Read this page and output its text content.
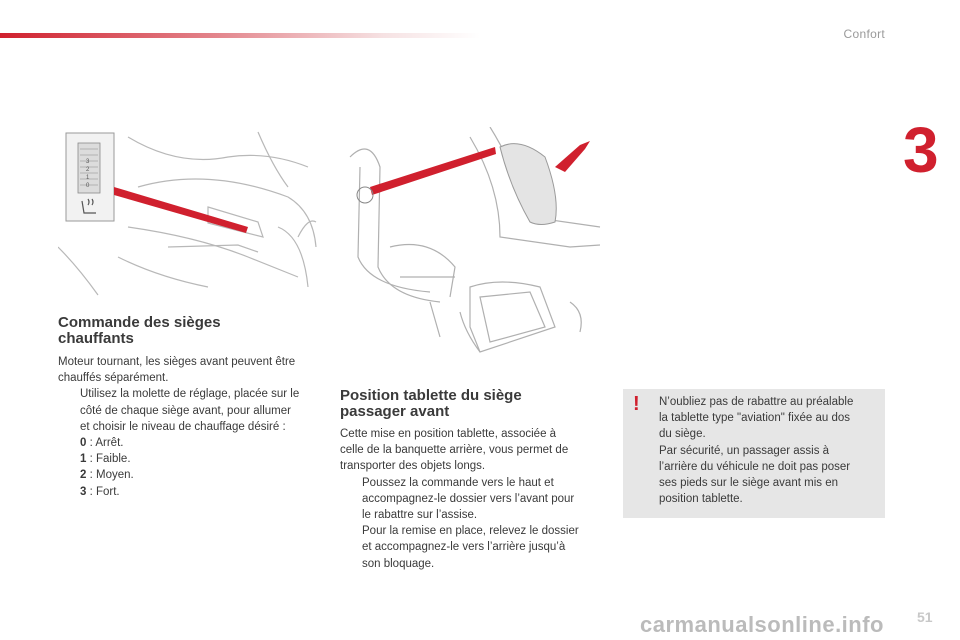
Confort
3
51
carmanualsonline.info
3
2
1
0
Commande des sièges
chauffants
Moteur tournant, les sièges avant peuvent être
chauffés séparément.
Utilisez la molette de réglage, placée sur le
côté de chaque siège avant, pour allumer
et choisir le niveau de chauffage désiré :
0 : Arrêt.
1 : Faible.
2 : Moyen.
3 : Fort.
Position tablette du siège
passager avant
Cette mise en position tablette, associée à
celle de la banquette arrière, vous permet de
transporter des objets longs.
Poussez la commande vers le haut et
accompagnez-le dossier vers l’avant pour
le rabattre sur l’assise.
Pour la remise en place, relevez le dossier
et accompagnez-le vers l’arrière jusqu’à
son bloquage.
! N’oubliez pas de rabattre au préalable
la tablette type "aviation" fixée au dos
du siège.
Par sécurité, un passager assis à
l’arrière du véhicule ne doit pas poser
ses pieds sur le siège avant mis en
position tablette.
